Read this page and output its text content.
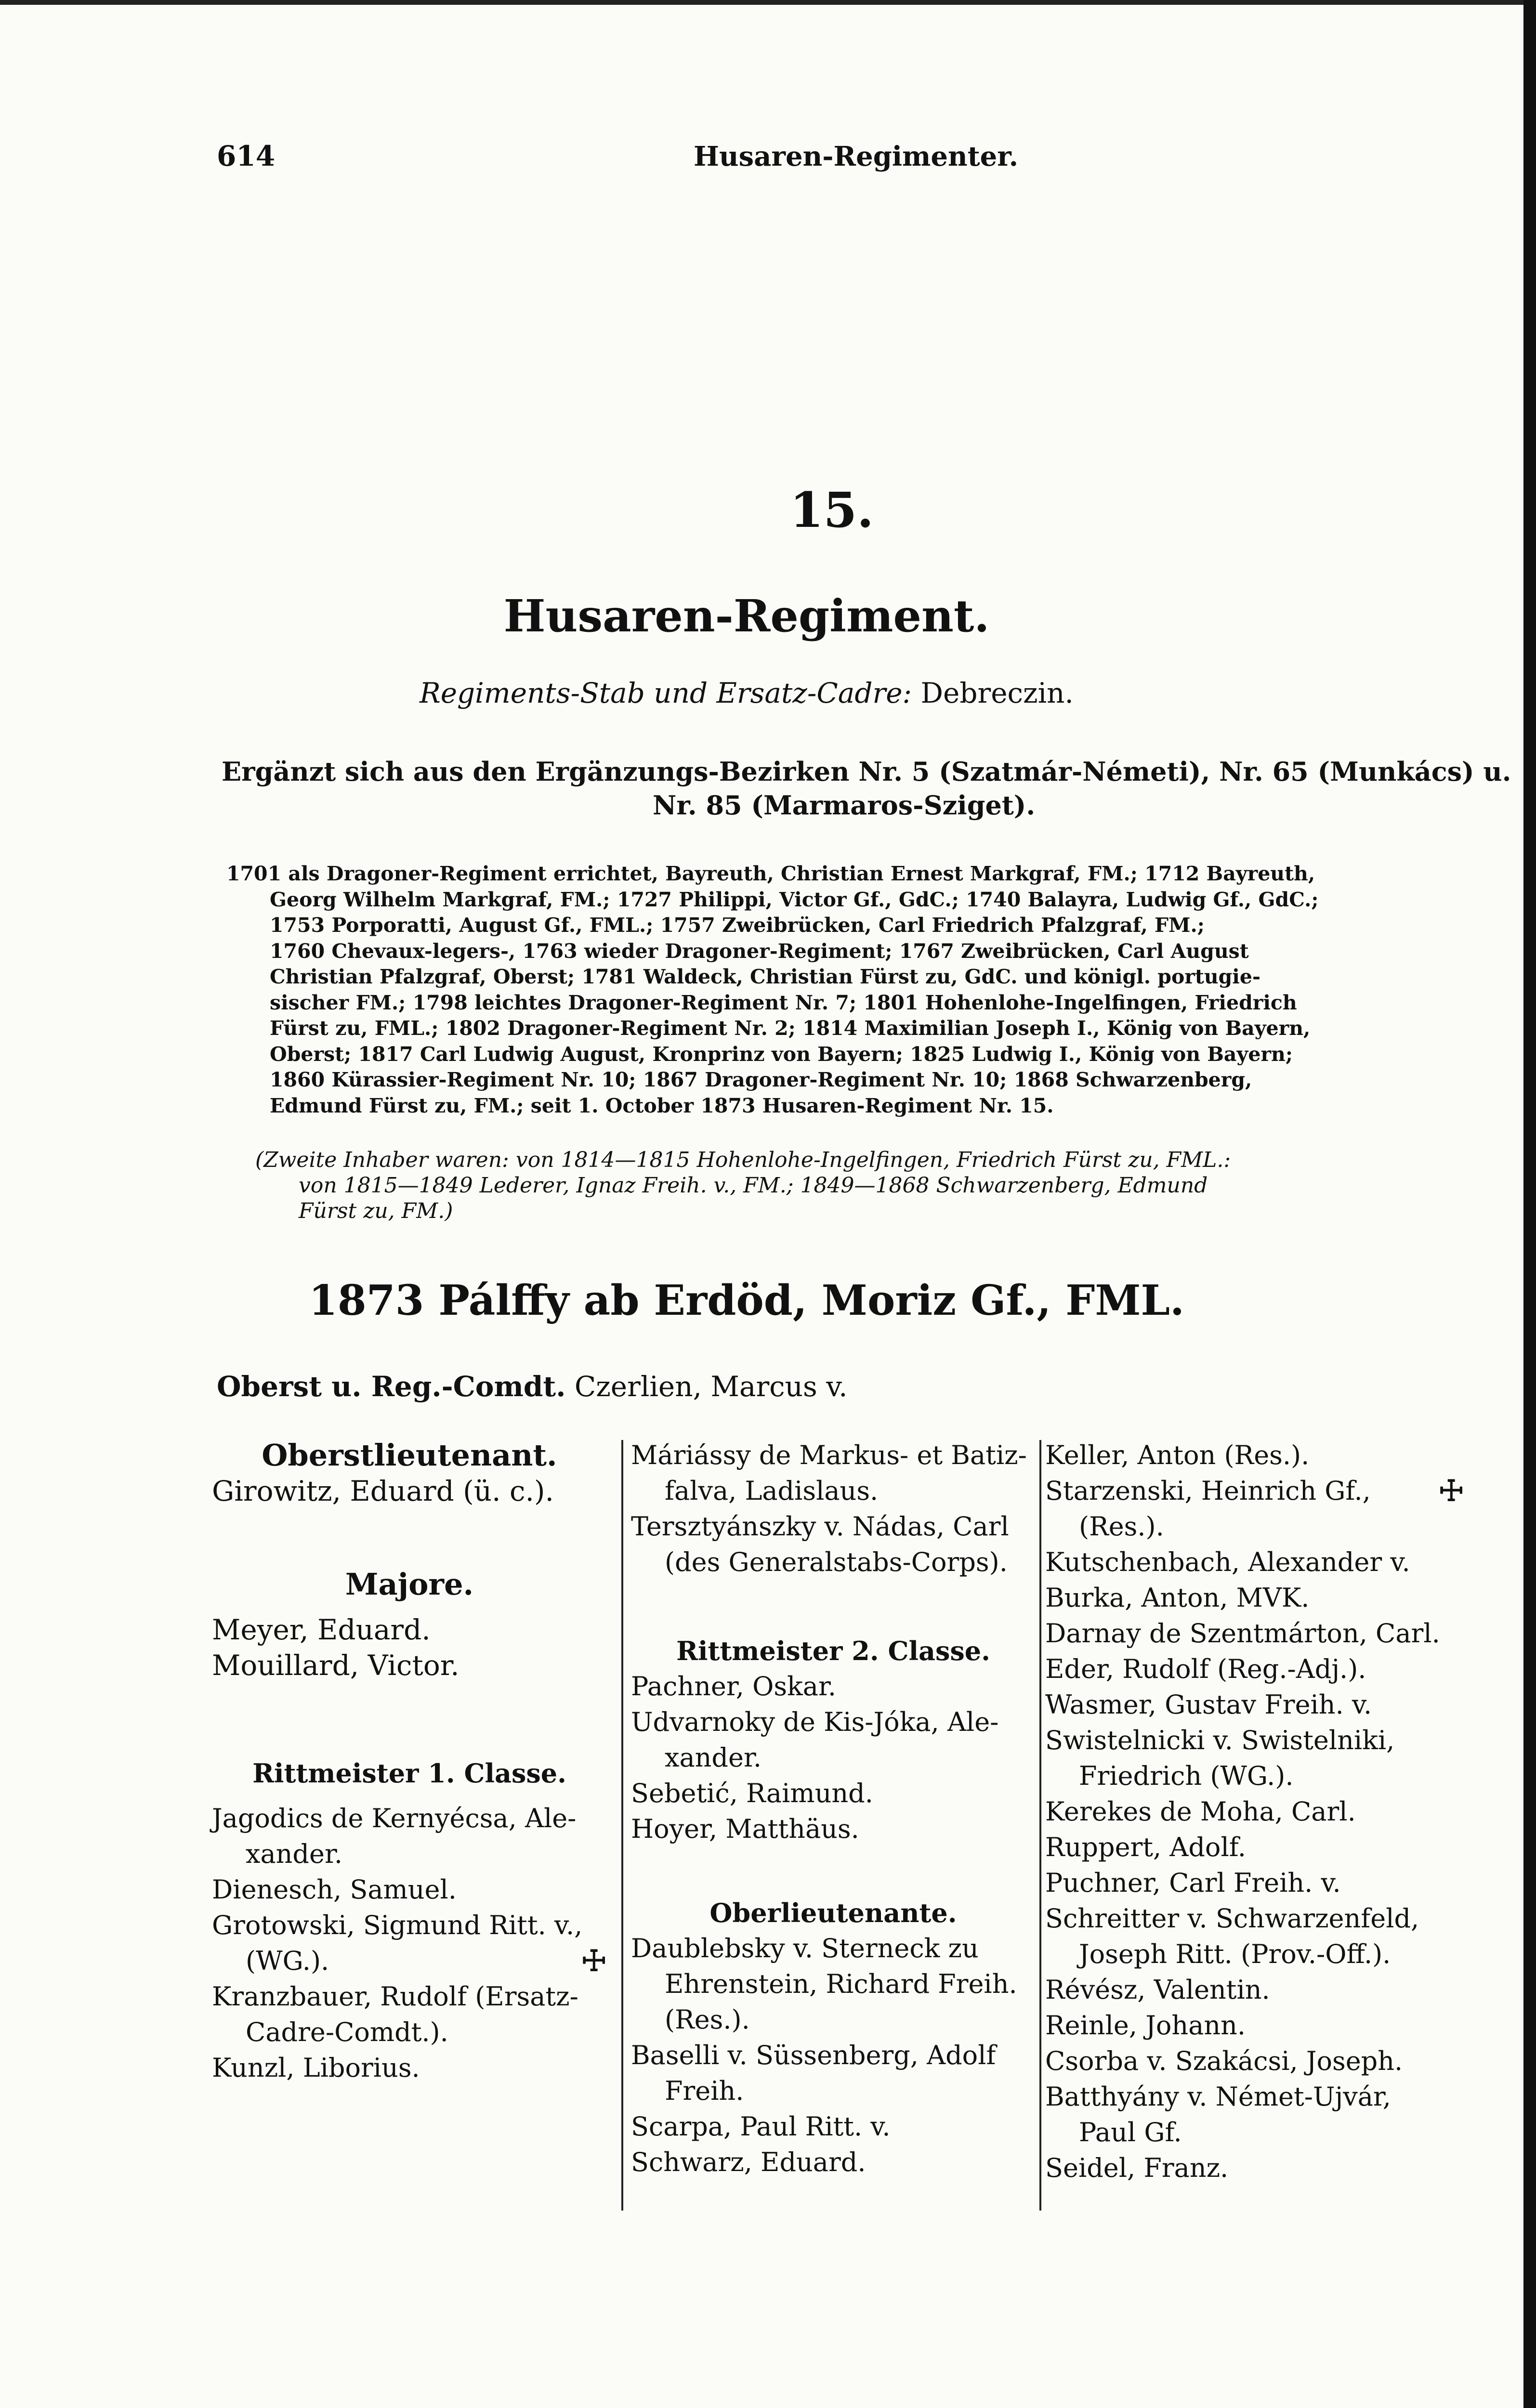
614	Husaren-Regimenter.
15.
Husaren-Regiment.
Regiments-Stab und Ersatz-Cadre: Debreczin.
Ergänzt sich aus den Ergänzungs-Bezirken Nr. 5 (Szatmár-Németi), Nr. 65 (Munkács) u.
Nr. 85 (Marmaros-Sziget).
1701 als Dragoner-Regiment errichtet, Bayreuth, Christian Ernest Markgraf, FM.; 1712 Bayreuth,
Georg Wilhelm Markgraf, FM.; 1727 Philippi, Victor Gf., GdC.; 1740 Balayra, Ludwig Gf., GdC.;
1753 Porporatti, August Gf., FML.; 1757 Zweibrücken, Carl Friedrich Pfalzgraf, FM.;
1760 Chevaux-legers-, 1763 wieder Dragoner-Regiment; 1767 Zweibrücken, Carl August
Christian Pfalzgraf, Oberst; 1781 Waldeck, Christian Fürst zu, GdC. und königl. portugie-
sischer FM.; 1798 leichtes Dragoner-Regiment Nr. 7; 1801 Hohenlohe-Ingelfingen, Friedrich
Fürst zu, FML.; 1802 Dragoner-Regiment Nr. 2; 1814 Maximilian Joseph I., König von Bayern,
Oberst; 1817 Carl Ludwig August, Kronprinz von Bayern; 1825 Ludwig I., König von Bayern;
1860 Kürassier-Regiment Nr. 10; 1867 Dragoner-Regiment Nr. 10; 1868 Schwarzenberg,
Edmund Fürst zu, FM.; seit 1. October 1873 Husaren-Regiment Nr. 15.
(Zweite Inhaber waren: von 1814—1815 Hohenlohe-Ingelfingen, Friedrich Fürst zu, FML.:
von 1815—1849 Lederer, Ignaz Freih. v., FM.; 1849—1868 Schwarzenberg, Edmund
Fürst zu, FM.)
1873 Pálffy ab Erdöd, Moriz Gf., FML.
Oberst u. Reg.-Comdt. Czerlien, Marcus v.

Oberstlieutenant.

Girowitz, Eduard (ü. c.).

Majore.

Meyer, Eduard.

Mouillard, Victor.

Rittmeister 1. Classe.

Jagodics de Kernyécsa, Ale-

xander.

Dienesch, Samuel.

Grotowski, Sigmund Ritt. v.,
☩

(WG.).

Kranzbauer, Rudolf (Ersatz-

Cadre-Comdt.).

Kunzl, Liborius.

Máriássy de Markus- et Batiz-

falva, Ladislaus.

Tersztyánszky v. Nádas, Carl

(des Generalstabs-Corps).

Rittmeister 2. Classe.

Pachner, Oskar.

Udvarnoky de Kis-Jóka, Ale-

xander.

Sebetić, Raimund.

Hoyer, Matthäus.

Oberlieutenante.

Daublebsky v. Sterneck zu

Ehrenstein, Richard Freih.

(Res.).

Baselli v. Süssenberg, Adolf

Freih.

Scarpa, Paul Ritt. v.

Schwarz, Eduard.

Keller, Anton (Res.).

Starzenski, Heinrich Gf., ☩

(Res.).

Kutschenbach, Alexander v.

Burka, Anton, MVK.

Darnay de Szentmárton, Carl.

Eder, Rudolf (Reg.-Adj.).

Wasmer, Gustav Freih. v.

Swistelnicki v. Swistelniki,

Friedrich (WG.).

Kerekes de Moha, Carl.

Ruppert, Adolf.

Puchner, Carl Freih. v.

Schreitter v. Schwarzenfeld,

Joseph Ritt. (Prov.-Off.).

Révész, Valentin.

Reinle, Johann.

Csorba v. Szakácsi, Joseph.

Batthyány v. Német-Ujvár,

Paul Gf.

Seidel, Franz.
